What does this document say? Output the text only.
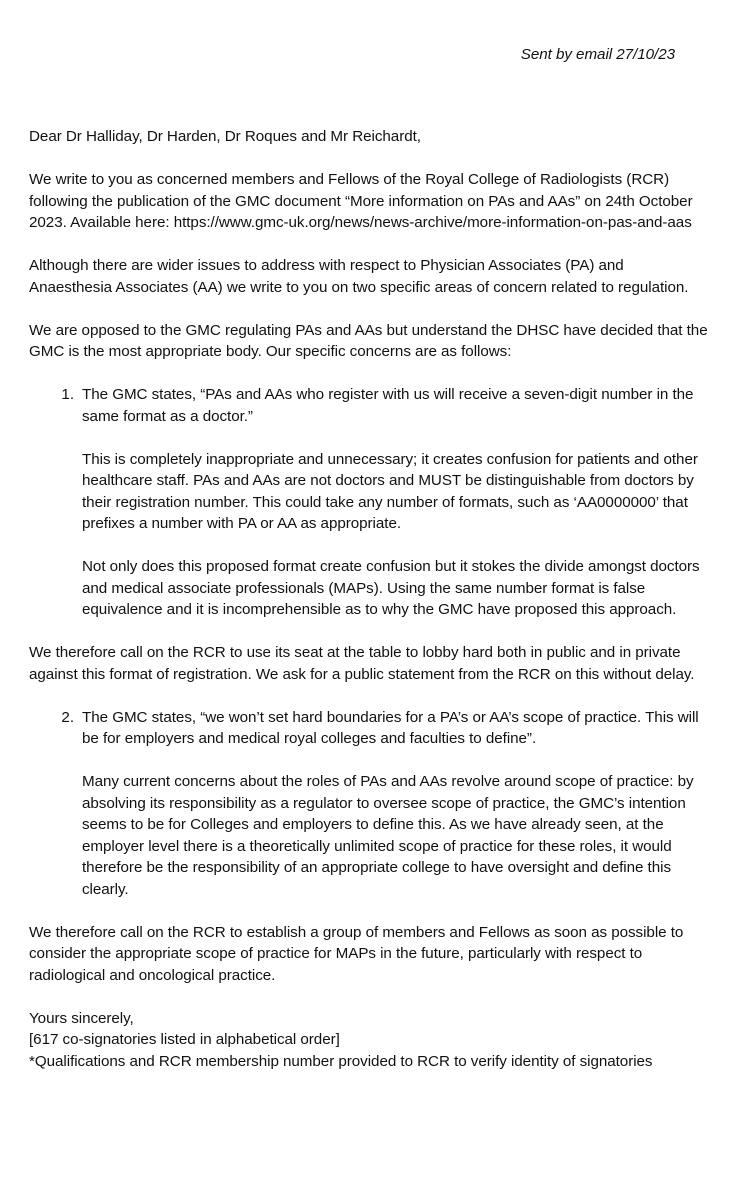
Sent by email 27/10/23

Dear Dr Halliday, Dr Harden, Dr Roques and Mr Reichardt,

We write to you as concerned members and Fellows of the Royal College of Radiologists (RCR) following the publication of the GMC document “More information on PAs and AAs” on 24th October 2023. Available here: https://www.gmc-uk.org/news/news-archive/more-information-on-pas-and-aas

Although there are wider issues to address with respect to Physician Associates (PA) and Anaesthesia Associates (AA) we write to you on two specific areas of concern related to regulation.

We are opposed to the GMC regulating PAs and AAs but understand the DHSC have decided that the GMC is the most appropriate body. Our specific concerns are as follows:

1. The GMC states, “PAs and AAs who register with us will receive a seven-digit number in the same format as a doctor.”

This is completely inappropriate and unnecessary; it creates confusion for patients and other healthcare staff. PAs and AAs are not doctors and MUST be distinguishable from doctors by their registration number. This could take any number of formats, such as ‘AA0000000’ that prefixes a number with PA or AA as appropriate.

Not only does this proposed format create confusion but it stokes the divide amongst doctors and medical associate professionals (MAPs). Using the same number format is false equivalence and it is incomprehensible as to why the GMC have proposed this approach.

We therefore call on the RCR to use its seat at the table to lobby hard both in public and in private against this format of registration. We ask for a public statement from the RCR on this without delay.

2. The GMC states, “we won’t set hard boundaries for a PA’s or AA’s scope of practice. This will be for employers and medical royal colleges and faculties to define”.

Many current concerns about the roles of PAs and AAs revolve around scope of practice: by absolving its responsibility as a regulator to oversee scope of practice, the GMC’s intention seems to be for Colleges and employers to define this. As we have already seen, at the employer level there is a theoretically unlimited scope of practice for these roles, it would therefore be the responsibility of an appropriate college to have oversight and define this clearly.

We therefore call on the RCR to establish a group of members and Fellows as soon as possible to consider the appropriate scope of practice for MAPs in the future, particularly with respect to radiological and oncological practice.

Yours sincerely,

[617 co-signatories listed in alphabetical order]

*Qualifications and RCR membership number provided to RCR to verify identity of signatories
